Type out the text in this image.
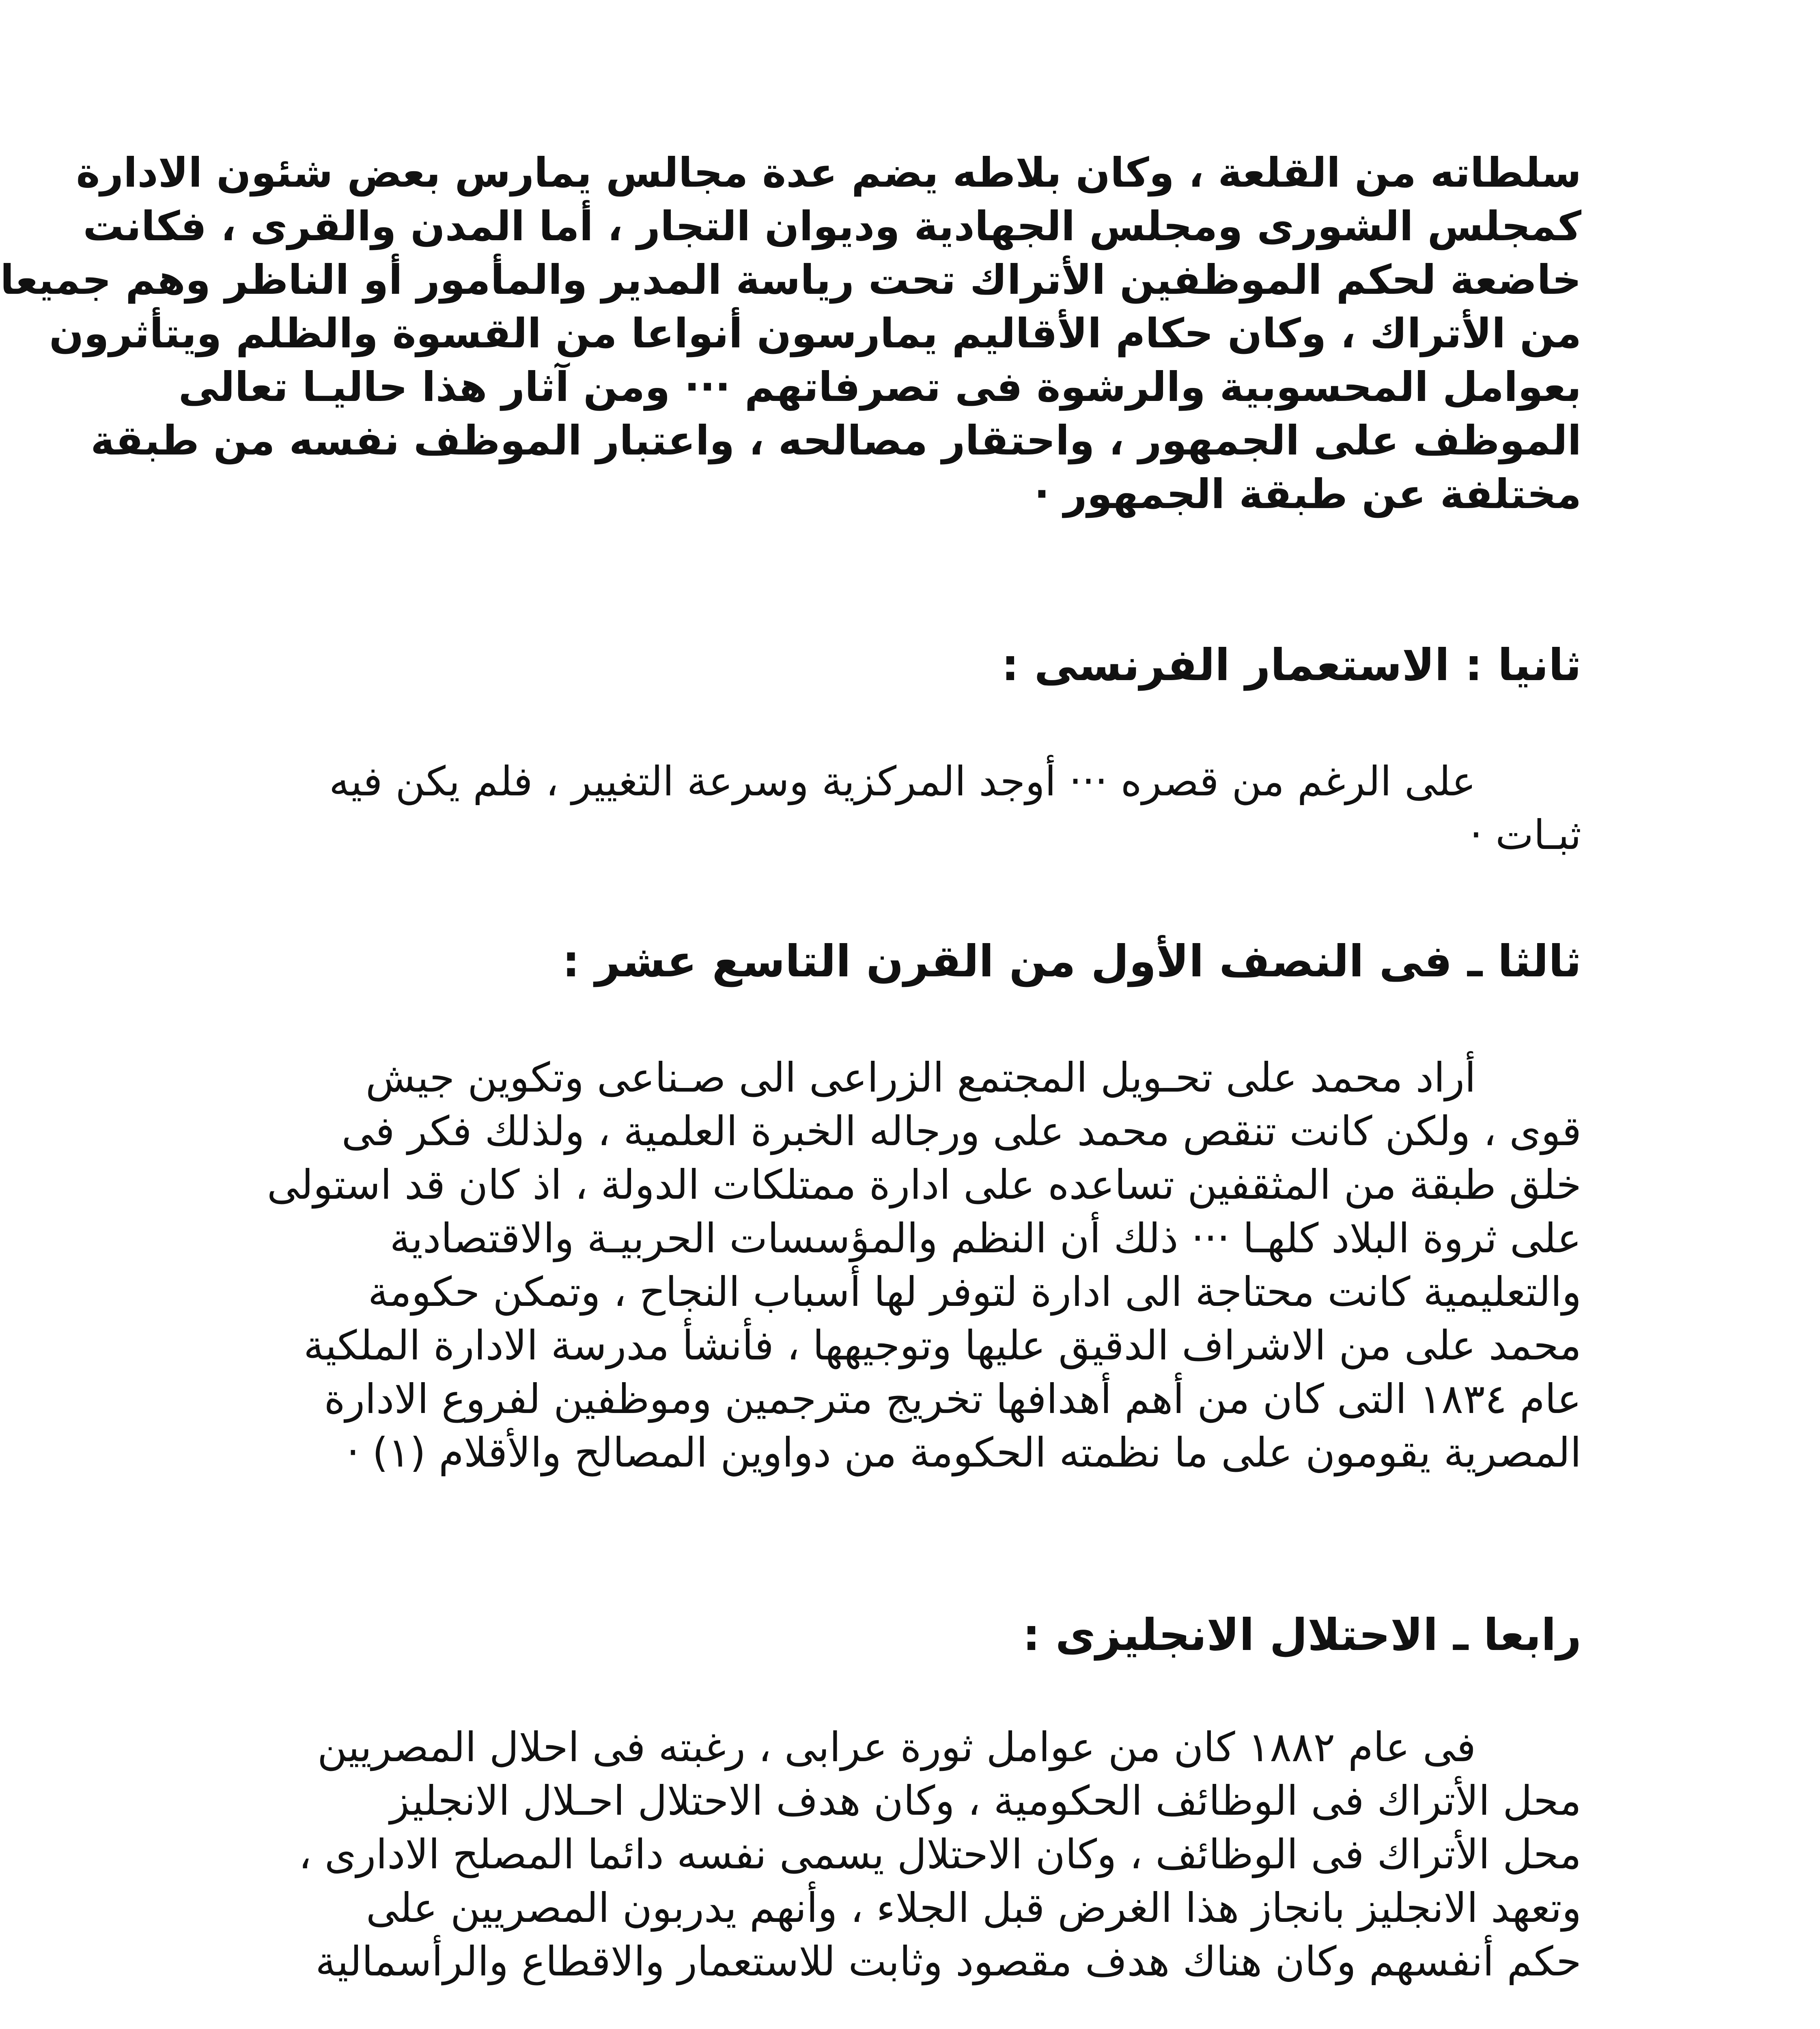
سلطاته من القلعة ، وكان بلاطه يضم عدة مجالس يمارس بعض شئون الادارة
كمجلس الشورى ومجلس الجهادية وديوان التجار ، أما المدن والقرى ، فكانت
خاضعة لحكم الموظفين الأتراك تحت رياسة المدير والمأمور أو الناظر وهم جميعا
من الأتراك ، وكان حكام الأقاليم يمارسون أنواعا من القسوة والظلم ويتأثرون
بعوامل المحسوبية والرشوة فى تصرفاتهم ··· ومن آثار هذا حاليـا تعالى
الموظف على الجمهور ، واحتقار مصالحه ، واعتبار الموظف نفسه من طبقة
مختلفة عن طبقة الجمهور ·
ثانيا : الاستعمار الفرنسى :
على الرغم من قصره ··· أوجد المركزية وسرعة التغيير ، فلم يكن فيه
ثبـات ·
ثالثا ـ فى النصف الأول من القرن التاسع عشر :
أراد محمد على تحـويل المجتمع الزراعى الى صـناعى وتكوين جيش
قوى ، ولكن كانت تنقص محمد على ورجاله الخبرة العلمية ، ولذلك فكر فى
خلق طبقة من المثقفين تساعده على ادارة ممتلكات الدولة ، اذ كان قد استولى
على ثروة البلاد كلهـا ··· ذلك أن النظم والمؤسسات الحربيـة والاقتصادية
والتعليمية كانت محتاجة الى ادارة لتوفر لها أسباب النجاح ، وتمكن حكومة
محمد على من الاشراف الدقيق عليها وتوجيهها ، فأنشأ مدرسة الادارة الملكية
عام ١٨٣٤ التى كان من أهم أهدافها تخريج مترجمين وموظفين لفروع الادارة
المصرية يقومون على ما نظمته الحكومة من دواوين المصالح والأقلام (١) ·
رابعا ـ الاحتلال الانجليزى :
فى عام ١٨٨٢ كان من عوامل ثورة عرابى ، رغبته فى احلال المصريين
محل الأتراك فى الوظائف الحكومية ، وكان هدف الاحتلال احـلال الانجليز
محل الأتراك فى الوظائف ، وكان الاحتلال يسمى نفسه دائما المصلح الادارى ،
وتعهد الانجليز بانجاز هذا الغرض قبل الجلاء ، وأنهم يدربون المصريين على
حكم أنفسهم وكان هناك هدف مقصود وثابت للاستعمار والاقطاع والرأسمالية
